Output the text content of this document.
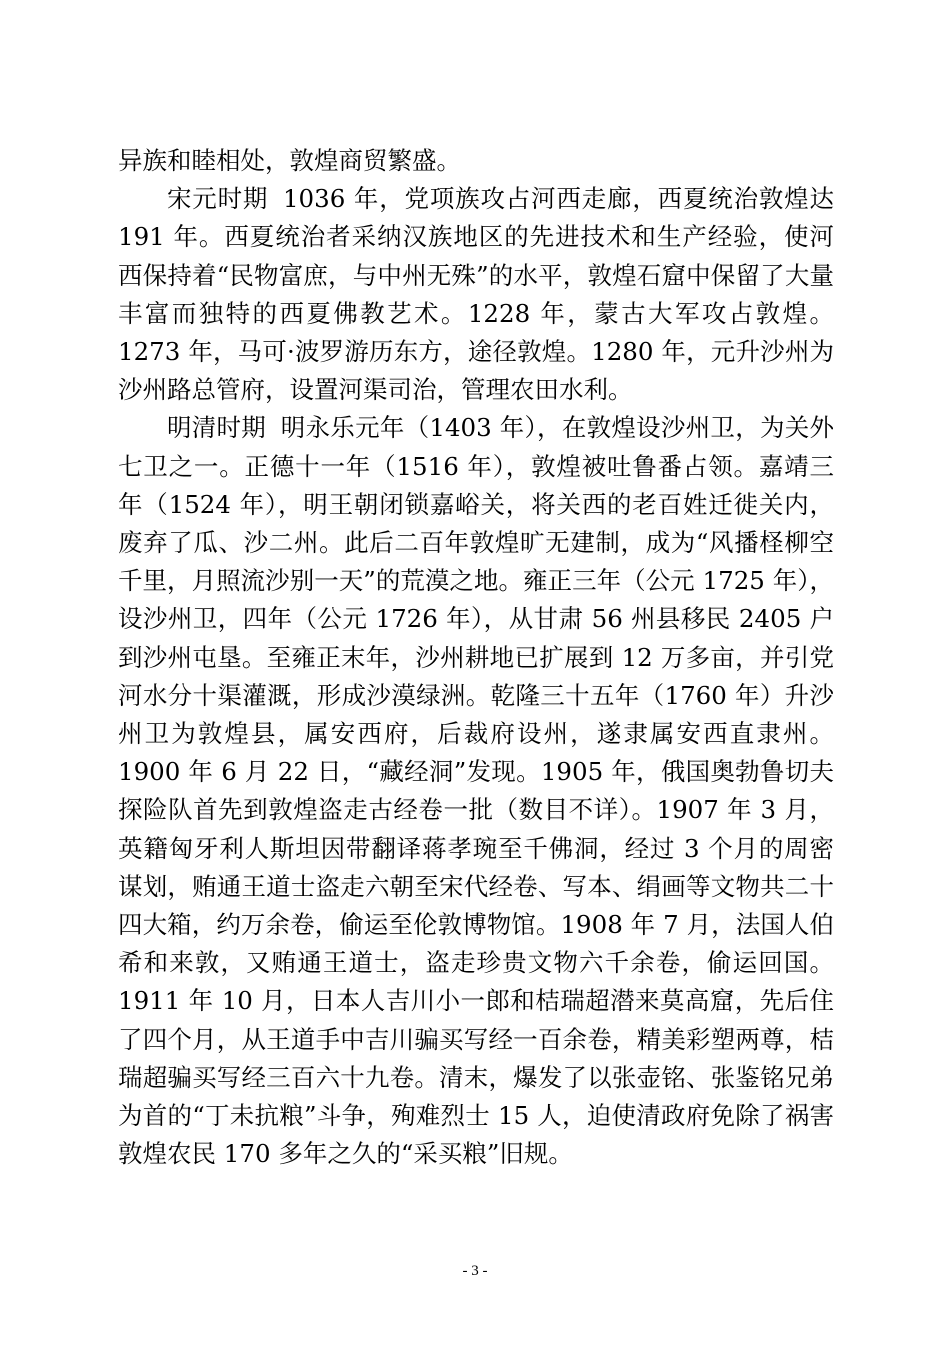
异族和睦相处，敦煌商贸繁盛。

宋元时期 1036 年，党项族攻占河西走廊，西夏统治敦煌达 191 年。西夏统治者采纳汉族地区的先进技术和生产经验，使河西保持着“民物富庶，与中州无殊”的水平，敦煌石窟中保留了大量丰富而独特的西夏佛教艺术。1228 年，蒙古大军攻占敦煌。1273 年，马可·波罗游历东方，途径敦煌。1280 年，元升沙州为沙州路总管府，设置河渠司治，管理农田水利。

明清时期 明永乐元年（1403 年），在敦煌设沙州卫，为关外七卫之一。正德十一年（1516 年），敦煌被吐鲁番占领。嘉靖三年（1524 年），明王朝闭锁嘉峪关，将关西的老百姓迁徙关内，废弃了瓜、沙二州。此后二百年敦煌旷无建制，成为“风播柽柳空千里，月照流沙别一天”的荒漠之地。雍正三年（公元 1725 年），设沙州卫，四年（公元 1726 年），从甘肃 56 州县移民 2405 户到沙州屯垦。至雍正末年，沙州耕地已扩展到 12 万多亩，并引党河水分十渠灌溉，形成沙漠绿洲。乾隆三十五年（1760 年）升沙州卫为敦煌县，属安西府，后裁府设州，遂隶属安西直隶州。1900 年 6 月 22 日，“藏经洞”发现。1905 年，俄国奥勃鲁切夫探险队首先到敦煌盗走古经卷一批（数目不详）。1907 年 3 月，英籍匈牙利人斯坦因带翻译蒋孝琬至千佛洞，经过 3 个月的周密谋划，贿通王道士盗走六朝至宋代经卷、写本、绢画等文物共二十四大箱，约万余卷，偷运至伦敦博物馆。1908 年 7 月，法国人伯希和来敦，又贿通王道士，盗走珍贵文物六千余卷，偷运回国。1911 年 10 月，日本人吉川小一郎和桔瑞超潜来莫高窟，先后住了四个月，从王道手中吉川骗买写经一百余卷，精美彩塑两尊，桔瑞超骗买写经三百六十九卷。清末，爆发了以张壶铭、张鉴铭兄弟为首的“丁未抗粮”斗争，殉难烈士 15 人，迫使清政府免除了祸害敦煌农民 170 多年之久的“采买粮”旧规。

- 3 -
